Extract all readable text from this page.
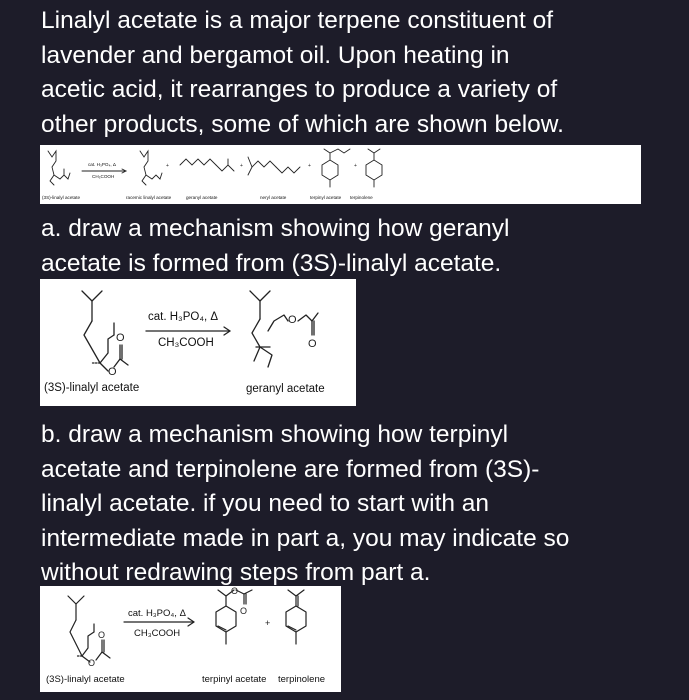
Linalyl acetate is a major terpene constituent of
lavender and bergamot oil. Upon heating in
acetic acid, it rearranges to produce a variety of
other products, some of which are shown below.

+	+	+	+
cat. H₃PO₄, Δ
CH₃COOH
(3S)-linalyl acetate	racemic linalyl acetate	geranyl acetate	neryl acetate	terpinyl acetate terpinolene

a. draw a mechanism showing how geranyl
acetate is formed from (3S)-linalyl acetate.

O
O
O
O
cat. H₃PO₄, Δ
CH₃COOH
(3S)-linalyl acetate	geranyl acetate

b. draw a mechanism showing how terpinyl
acetate and terpinolene are formed from (3S)-
linalyl acetate. if you need to start with an
intermediate made in part a, you may indicate so
without redrawing steps from part a.

O
O
O
O
+
cat. H₃PO₄, Δ
CH₃COOH
(3S)-linalyl acetate	terpinyl acetate terpinolene
